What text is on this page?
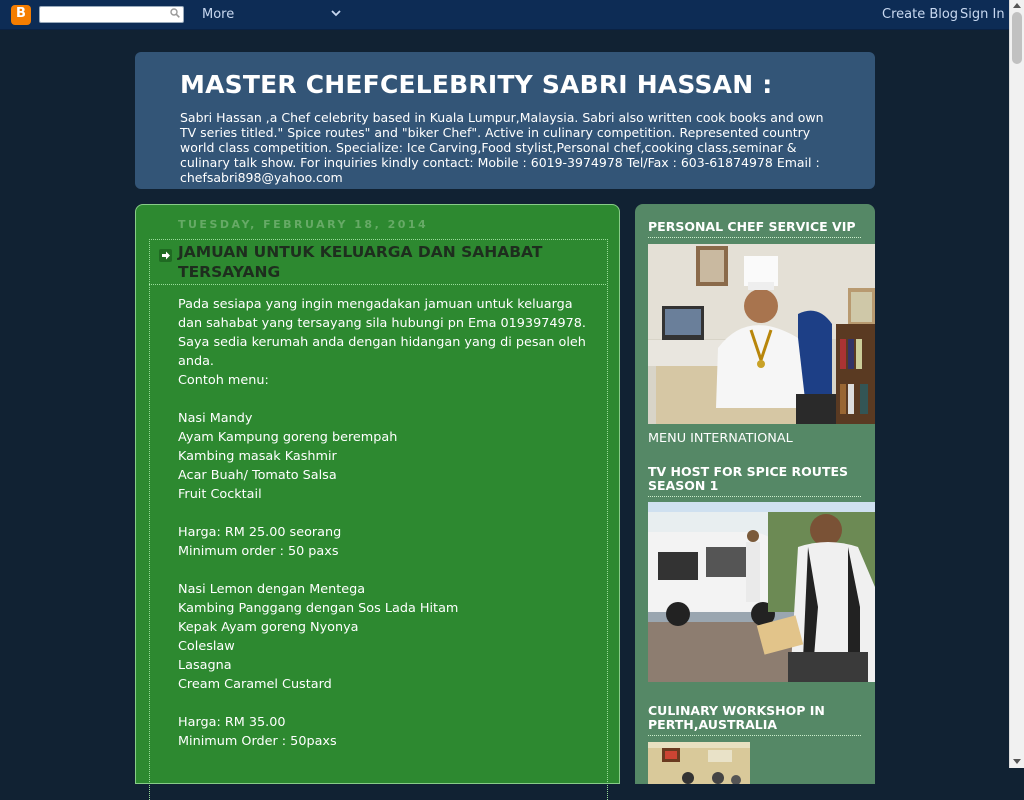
B
More	Create Blog Sign In
MASTER CHEFCELEBRITY SABRI HASSAN :

Sabri Hassan ,a Chef celebrity based in Kuala Lumpur,Malaysia. Sabri also written cook books and own TV series titled." Spice routes" and "biker Chef". Active in culinary competition. Represented country world class competition. Specialize: Ice Carving,Food stylist,Personal chef,cooking class,seminar & culinary talk show. For inquiries kindly contact: Mobile : 6019-3974978 Tel/Fax : 603-61874978 Email : chefsabri898@yahoo.com

TUESDAY, FEBRUARY 18, 2014
JAMUAN UNTUK KELUARGA DAN SAHABAT TERSAYANG

Pada sesiapa yang ingin mengadakan jamuan untuk keluarga dan sahabat yang tersayang sila hubungi pn Ema 0193974978. Saya sedia kerumah anda dengan hidangan yang di pesan oleh anda.

Contoh menu:
Nasi Mandy
Ayam Kampung goreng berempah
Kambing masak Kashmir
Acar Buah/ Tomato Salsa
Fruit Cocktail
Harga: RM 25.00 seorang
Minimum order : 50 paxs
Nasi Lemon dengan Mentega
Kambing Panggang dengan Sos Lada Hitam
Kepak Ayam goreng Nyonya
Coleslaw
Lasagna
Cream Caramel Custard
Harga: RM 35.00
Minimum Order : 50paxs
PERSONAL CHEF SERVICE VIP
MENU INTERNATIONAL
TV HOST FOR SPICE ROUTES SEASON 1
CULINARY WORKSHOP IN PERTH,AUSTRALIA
